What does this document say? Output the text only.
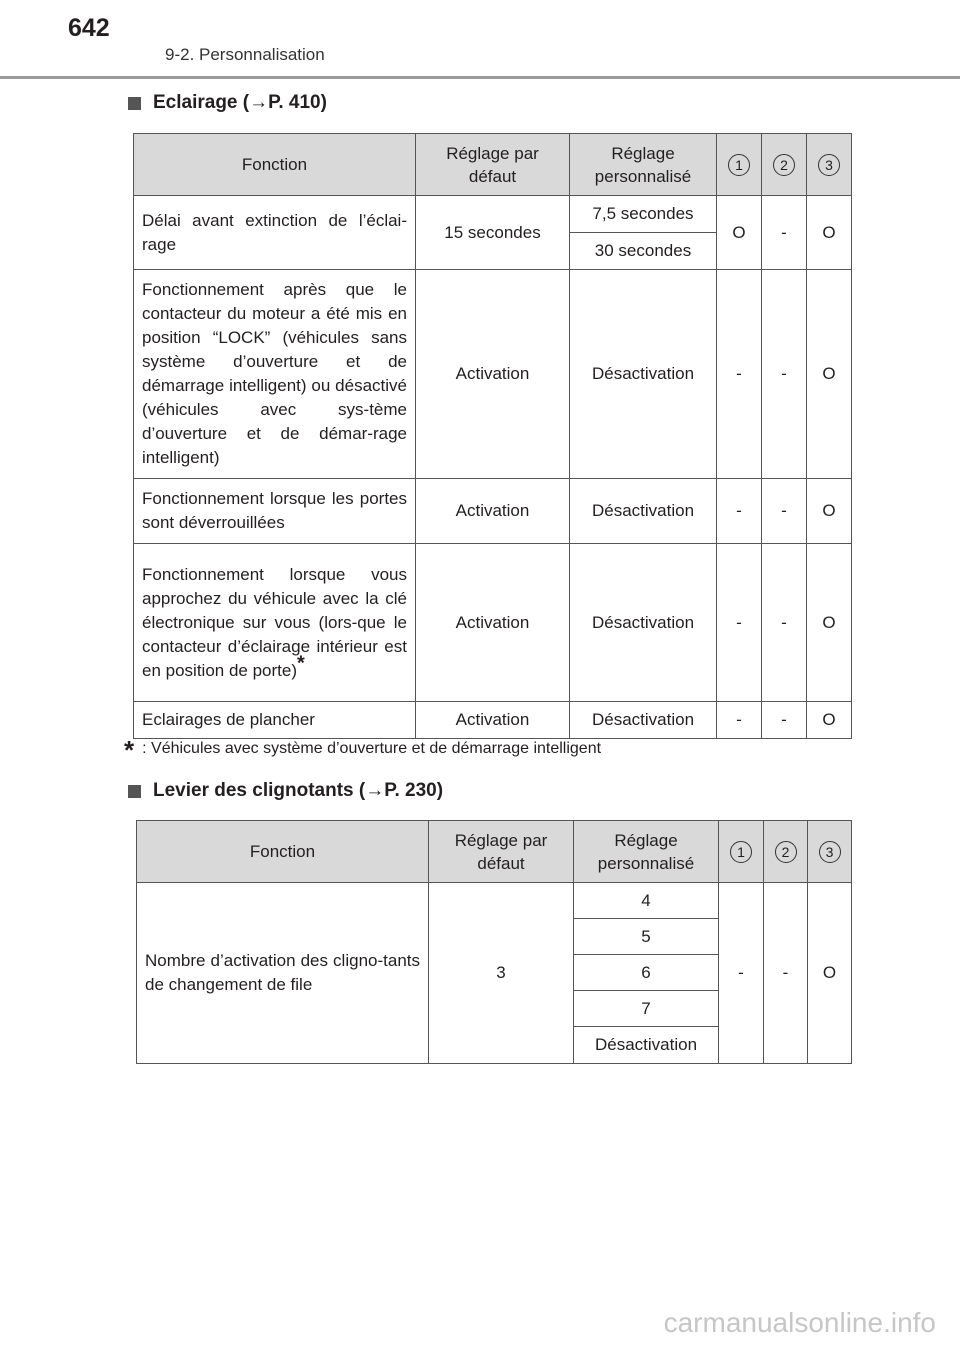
642
9-2. Personnalisation
Eclairage (→P. 410)
Fonction	Réglage par défaut	Réglage personnalisé	1	2	3
Délai avant extinction de l’éclai-rage	15 secondes	7,5 secondes	O	-	O
		30 secondes			
Fonctionnement après que le contacteur du moteur a été mis en position “LOCK” (véhicules sans système d’ouverture et de démarrage intelligent) ou désactivé (véhicules avec sys-tème d’ouverture et de démar-rage intelligent)	Activation	Désactivation	-	-	O
Fonctionnement lorsque les portes sont déverrouillées	Activation	Désactivation	-	-	O
Fonctionnement lorsque vous approchez du véhicule avec la clé électronique sur vous (lors-que le contacteur d’éclairage intérieur est en position de porte)*	Activation	Désactivation	-	-	O
Eclairages de plancher	Activation	Désactivation	-	-	O
* : Véhicules avec système d’ouverture et de démarrage intelligent
Levier des clignotants (→P. 230)
Fonction	Réglage par défaut	Réglage personnalisé	1	2	3
Nombre d’activation des cligno-tants de changement de file	3	4	-	-	O
		5			
		6			
		7			
		Désactivation			
carmanualsonline.info
